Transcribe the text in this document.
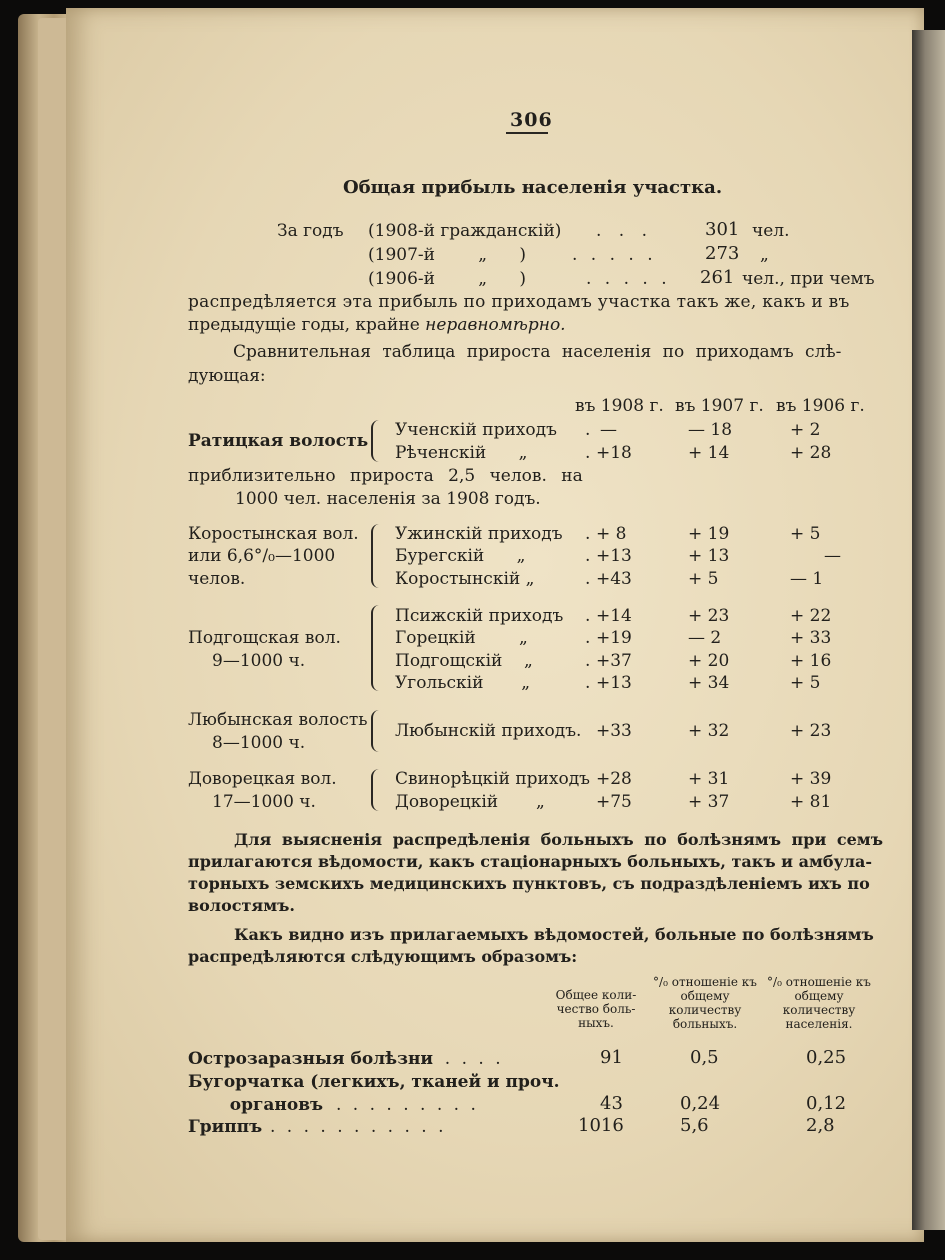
306
Общая прибыль населенія участка.
За годъ (1908-й гражданскій) . . .	301 чел.
(1907-й        „      )	. . . . .	273 „
(1906-й        „      )	. . . . . 261 чел., при чемъ
распредѣляется эта прибыль по приходамъ участка такъ же, какъ и въ
предыдущіе годы, крайне неравномѣрно.
Сравнительная таблица прироста населенія по приходамъ слѣ-
дующая:
въ 1908 г. въ 1907 г. въ 1906 г.
Ратицкая волость
Ученскій приходъ . —	— 18	+ 2
Рѣченскій      „	. +18	+ 14	+ 28
приблизительно прироста 2,5 челов. на
1000 чел. населенія за 1908 годъ.
Коростынская вол.
или 6,6°/₀—1000
челов.
Ужинскій приходъ . + 8	+ 19	+ 5
Бурегскій      „	. +13	+ 13	—
Коростынскій „	. +43	+ 5	— 1
Подгощская вол.
9—1000 ч.
Псижскій приходъ . +14	+ 23	+ 22
Горецкій        „	. +19	— 2	+ 33
Подгощскій    „	. +37	+ 20	+ 16
Угольскій       „	. +13	+ 34	+ 5
Любынская волость
8—1000 ч.
Любынскій приходъ. +33	+ 32	+ 23
Доворецкая вол.
17—1000 ч.
Свинорѣцкій приходъ +28	+ 31	+ 39
Доворецкій       „	+75	+ 37	+ 81
Для выясненія распредѣленія больныхъ по болѣзнямъ при семъ
прилагаются вѣдомости, какъ стаціонарныхъ больныхъ, такъ и амбула-
торныхъ земскихъ медицинскихъ пунктовъ, съ подраздѣленіемъ ихъ по
волостямъ.
Какъ видно изъ прилагаемыхъ вѣдомостей, больные по болѣзнямъ
распредѣляются слѣдующимъ образомъ:
Общее коли-чество боль-ныхъ.
°/₀ отношеніе къ общему количеству больныхъ.
°/₀ отношеніе къ общему количеству населенія.
Острозаразныя болѣзни
. . . . .	91	0,5	0,25
Бугорчатка (легкихъ, тканей и проч.
органовъ . . . . . . . . .	43	0,24	0,12
Гриппъ . . . . . . . . . . .	1016	5,6	2,8
